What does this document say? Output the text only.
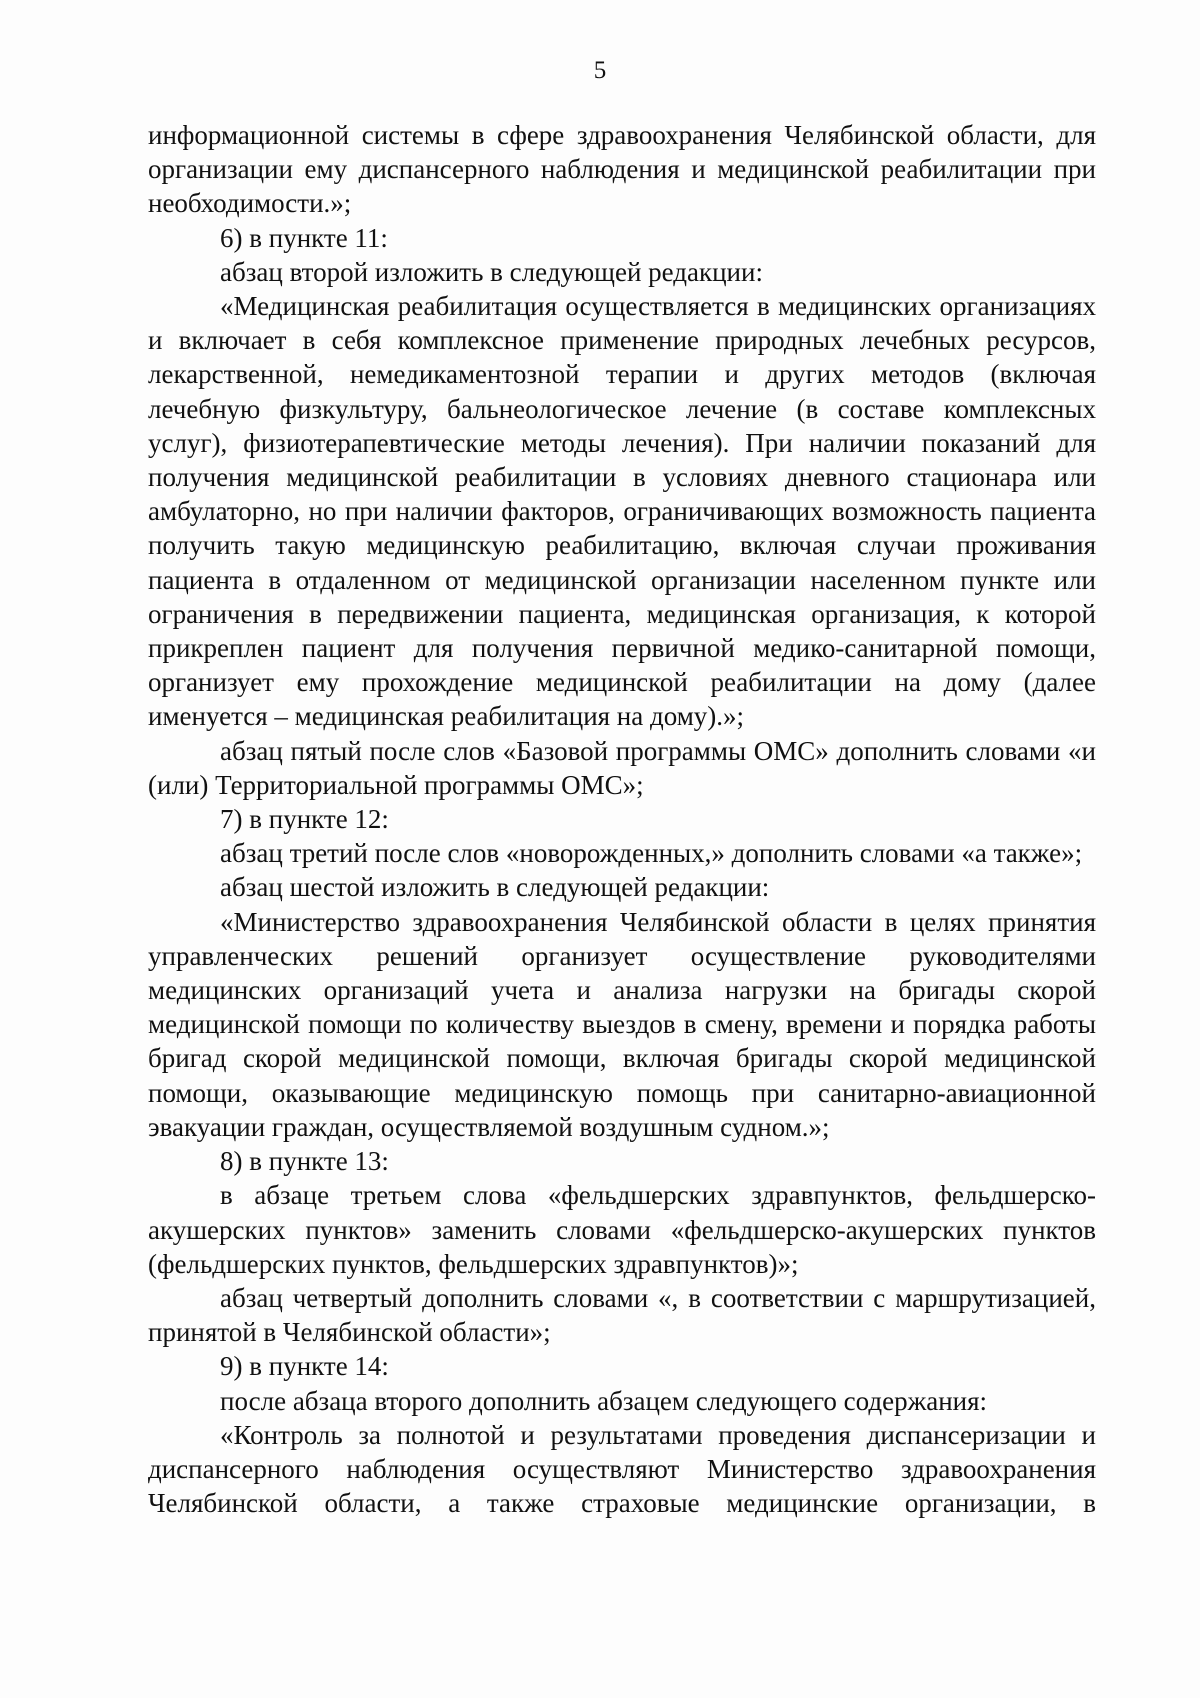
5

информационной системы в сфере здравоохранения Челябинской области, для организации ему диспансерного наблюдения и медицинской реабилитации при необходимости.»;

6) в пункте 11:

абзац второй изложить в следующей редакции:

«Медицинская реабилитация осуществляется в медицинских организациях и включает в себя комплексное применение природных лечебных ресурсов, лекарственной, немедикаментозной терапии и других методов (включая лечебную физкультуру, бальнеологическое лечение (в составе комплексных услуг), физиотерапевтические методы лечения). При наличии показаний для получения медицинской реабилитации в условиях дневного стационара или амбулаторно, но при наличии факторов, ограничивающих возможность пациента получить такую медицинскую реабилитацию, включая случаи проживания пациента в отдаленном от медицинской организации населенном пункте или ограничения в передвижении пациента, медицинская организация, к которой прикреплен пациент для получения первичной медико-санитарной помощи, организует ему прохождение медицинской реабилитации на дому (далее именуется – медицинская реабилитация на дому).»;

абзац пятый после слов «Базовой программы ОМС» дополнить словами «и (или) Территориальной программы ОМС»;

7) в пункте 12:

абзац третий после слов «новорожденных,» дополнить словами «а также»;

абзац шестой изложить в следующей редакции:

«Министерство здравоохранения Челябинской области в целях принятия управленческих решений организует осуществление руководителями медицинских организаций учета и анализа нагрузки на бригады скорой медицинской помощи по количеству выездов в смену, времени и порядка работы бригад скорой медицинской помощи, включая бригады скорой медицинской помощи, оказывающие медицинскую помощь при санитарно-авиационной эвакуации граждан, осуществляемой воздушным судном.»;

8) в пункте 13:

в абзаце третьем слова «фельдшерских здравпунктов, фельдшерско-акушерских пунктов» заменить словами «фельдшерско-акушерских пунктов (фельдшерских пунктов, фельдшерских здравпунктов)»;

абзац четвертый дополнить словами «, в соответствии с маршрутизацией, принятой в Челябинской области»;

9) в пункте 14:

после абзаца второго дополнить абзацем следующего содержания:

«Контроль за полнотой и результатами проведения диспансеризации и диспансерного наблюдения осуществляют Министерство здравоохранения Челябинской области, а также страховые медицинские организации, в
